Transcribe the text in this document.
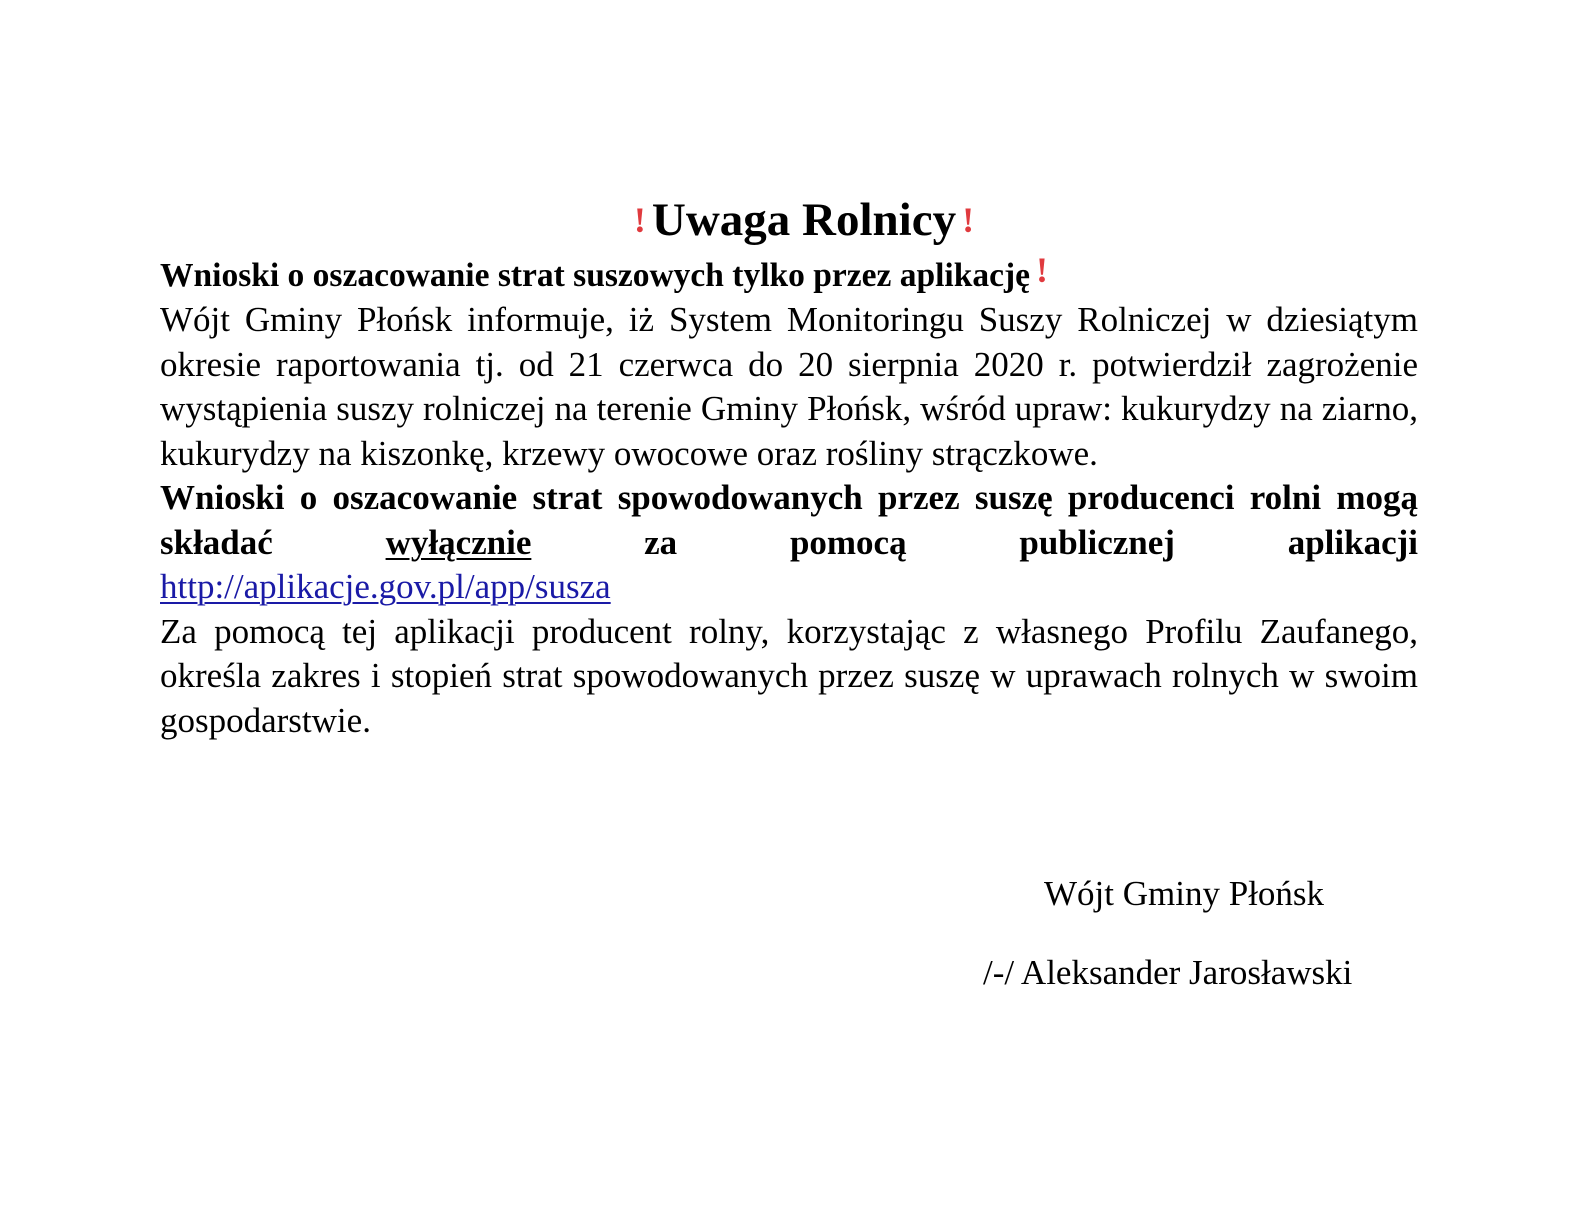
! Uwaga Rolnicy !

Wnioski o oszacowanie strat suszowych tylko przez aplikację !

Wójt Gminy Płońsk informuje, iż System Monitoringu Suszy Rolniczej w dziesiątym okresie raportowania tj. od 21 czerwca do 20 sierpnia 2020 r. potwierdził zagrożenie wystąpienia suszy rolniczej na terenie Gminy Płońsk, wśród upraw: kukurydzy na ziarno, kukurydzy na kiszonkę, krzewy owocowe oraz rośliny strączkowe.

Wnioski o oszacowanie strat spowodowanych przez suszę producenci rolni mogą składać	wyłącznie	za pomocą publicznej aplikacji

http://aplikacje.gov.pl/app/susza

Za pomocą tej aplikacji producent rolny, korzystając z własnego Profilu Zaufanego, określa zakres i stopień strat spowodowanych przez suszę w uprawach rolnych w swoim gospodarstwie.

Wójt Gminy Płońsk
/-/ Aleksander Jarosławski
